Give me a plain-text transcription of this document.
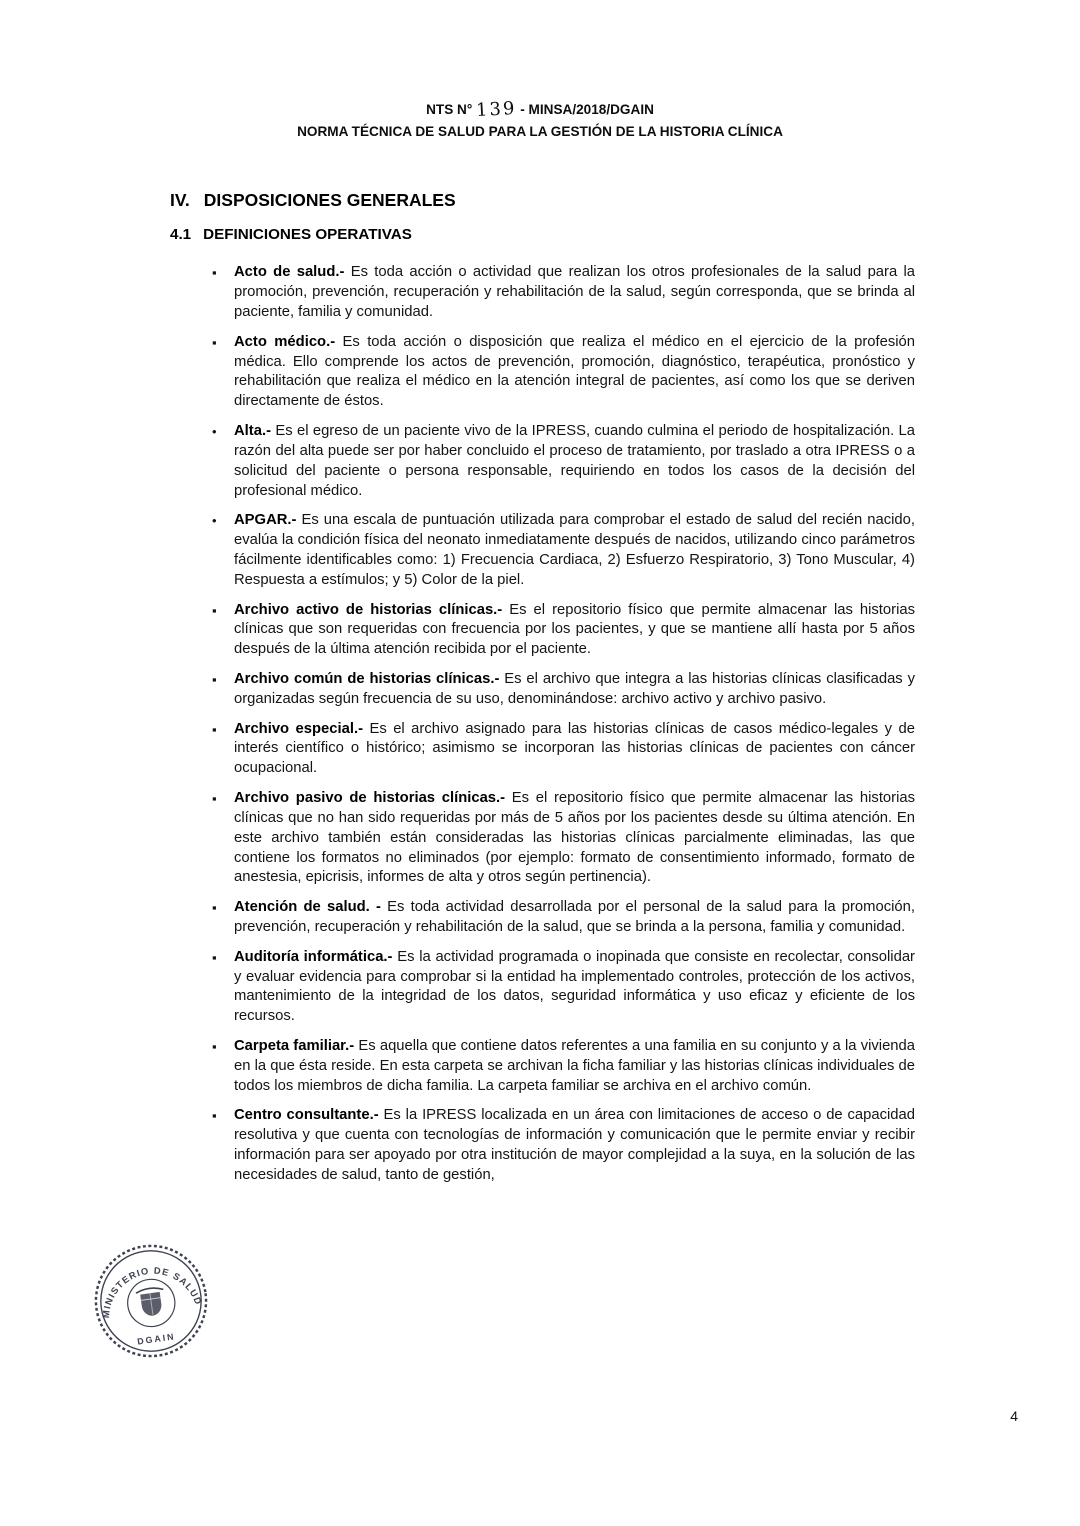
NTS N° 139 - MINSA/2018/DGAIN
NORMA TÉCNICA DE SALUD PARA LA GESTIÓN DE LA HISTORIA CLÍNICA
IV. DISPOSICIONES GENERALES
4.1 DEFINICIONES OPERATIVAS
▪	Acto de salud.- Es toda acción o actividad que realizan los otros profesionales de la salud para la promoción, prevención, recuperación y rehabilitación de la salud, según corresponda, que se brinda al paciente, familia y comunidad.
▪	Acto médico.- Es toda acción o disposición que realiza el médico en el ejercicio de la profesión médica. Ello comprende los actos de prevención, promoción, diagnóstico, terapéutica, pronóstico y rehabilitación que realiza el médico en la atención integral de pacientes, así como los que se deriven directamente de éstos.
•	Alta.- Es el egreso de un paciente vivo de la IPRESS, cuando culmina el periodo de hospitalización. La razón del alta puede ser por haber concluido el proceso de tratamiento, por traslado a otra IPRESS o a solicitud del paciente o persona responsable, requiriendo en todos los casos de la decisión del profesional médico.
•	APGAR.- Es una escala de puntuación utilizada para comprobar el estado de salud del recién nacido, evalúa la condición física del neonato inmediatamente después de nacidos, utilizando cinco parámetros fácilmente identificables como: 1) Frecuencia Cardiaca, 2) Esfuerzo Respiratorio, 3) Tono Muscular, 4) Respuesta a estímulos; y 5) Color de la piel.
▪	Archivo activo de historias clínicas.- Es el repositorio físico que permite almacenar las historias clínicas que son requeridas con frecuencia por los pacientes, y que se mantiene allí hasta por 5 años después de la última atención recibida por el paciente.
▪	Archivo común de historias clínicas.- Es el archivo que integra a las historias clínicas clasificadas y organizadas según frecuencia de su uso, denominándose: archivo activo y archivo pasivo.
▪	Archivo especial.- Es el archivo asignado para las historias clínicas de casos médico-legales y de interés científico o histórico; asimismo se incorporan las historias clínicas de pacientes con cáncer ocupacional.
▪	Archivo pasivo de historias clínicas.- Es el repositorio físico que permite almacenar las historias clínicas que no han sido requeridas por más de 5 años por los pacientes desde su última atención. En este archivo también están consideradas las historias clínicas parcialmente eliminadas, las que contiene los formatos no eliminados (por ejemplo: formato de consentimiento informado, formato de anestesia, epicrisis, informes de alta y otros según pertinencia).
▪	Atención de salud. - Es toda actividad desarrollada por el personal de la salud para la promoción, prevención, recuperación y rehabilitación de la salud, que se brinda a la persona, familia y comunidad.
▪	Auditoría informática.- Es la actividad programada o inopinada que consiste en recolectar, consolidar y evaluar evidencia para comprobar si la entidad ha implementado controles, protección de los activos, mantenimiento de la integridad de los datos, seguridad informática y uso eficaz y eficiente de los recursos.
▪	Carpeta familiar.- Es aquella que contiene datos referentes a una familia en su conjunto y a la vivienda en la que ésta reside. En esta carpeta se archivan la ficha familiar y las historias clínicas individuales de todos los miembros de dicha familia. La carpeta familiar se archiva en el archivo común.
▪	Centro consultante.- Es la IPRESS localizada en un área con limitaciones de acceso o de capacidad resolutiva y que cuenta con tecnologías de información y comunicación que le permite enviar y recibir información para ser apoyado por otra institución de mayor complejidad a la suya, en la solución de las necesidades de salud, tanto de gestión,
MINISTERIO DE SALUD
DGAIN
4
